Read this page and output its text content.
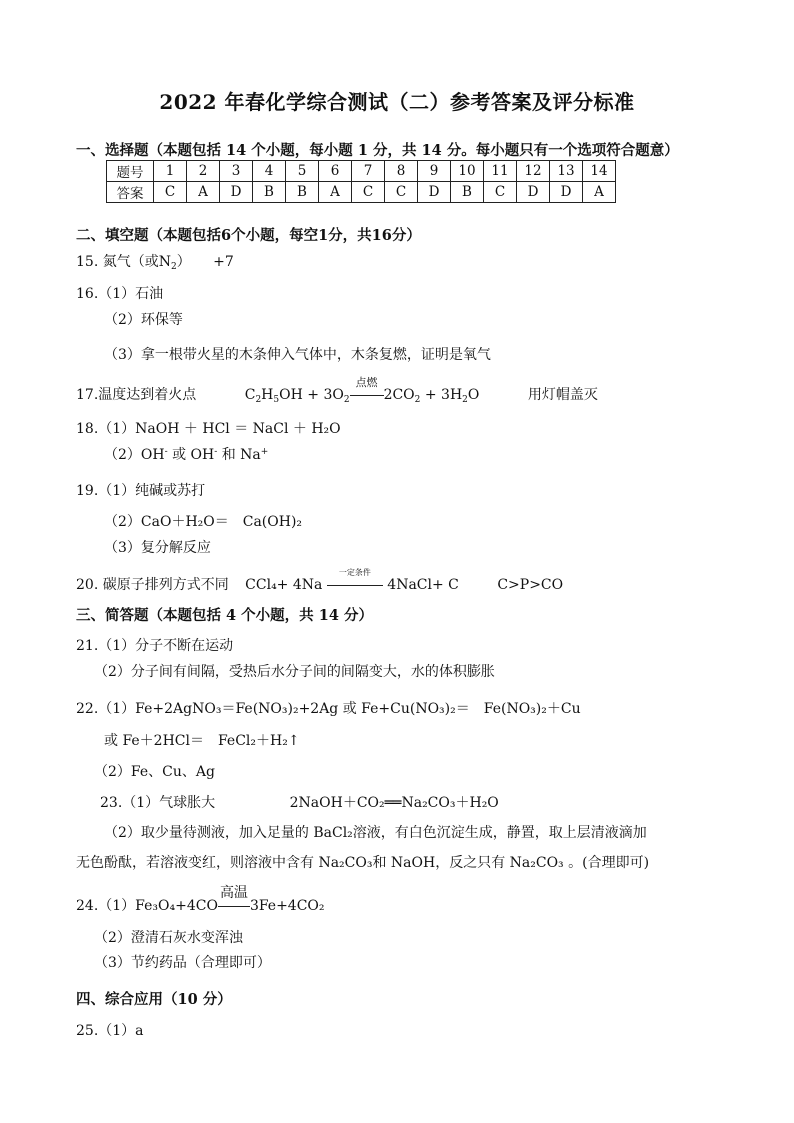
2022 年春化学综合测试（二）参考答案及评分标准
一、选择题（本题包括 14 个小题，每小题 1 分，共 14 分。每小题只有一个选项符合题意）
题号	1	2	3	4	5	6	7	8	9	10	11	12	13	14
答案	C	A	D	B	B	A	C	C	D	B	C	D	D	A
二、填空题（本题包括6个小题，每空1分，共16分）
15. 氮气（或$N_2) +7$
16.（1）石油
（2）环保等
（3）拿一根带火星的木条伸入气体中，木条复燃，证明是氧气
17.温度达到着火点	$C_2H_5OH + 3O_2$
点燃
$2CO_2 + 3H_2O$	用灯帽盖灭
18.（1）NaOH ＋ HCl ＝ NaCl ＋ H₂O
（2）OH- 或 OH- 和 Na+
19.（1）纯碱或苏打
（2）CaO＋H₂O＝　Ca(OH)₂
（3）复分解反应
20. 碳原子排列方式不同 CCl₄+ 4Na
一定条件
4NaCl+ C	C>P>CO
三、简答题（本题包括 4 个小题，共 14 分）
21.（1）分子不断在运动
（2）分子间有间隔，受热后水分子间的间隔变大，水的体积膨胀
22.（1）Fe+2AgNO₃＝Fe(NO₃)₂+2Ag 或 Fe+Cu(NO₃)₂＝　Fe(NO₃)₂＋Cu
或 Fe＋2HCl＝　FeCl₂＋H₂↑
（2）Fe、Cu、Ag
23.（1）气球胀大	2NaOH＋CO₂══Na₂CO₃＋H₂O
（2）取少量待测液，加入足量的 BaCl₂溶液，有白色沉淀生成，静置，取上层清液滴加
无色酚酞，若溶液变红，则溶液中含有 Na₂CO₃和 NaOH，反之只有 Na₂CO₃ 。(合理即可)
24.（1）Fe₃O₄+4CO
高温
3Fe+4CO₂
（2）澄清石灰水变浑浊
（3）节约药品（合理即可）
四、综合应用（10 分）
25.（1）a
